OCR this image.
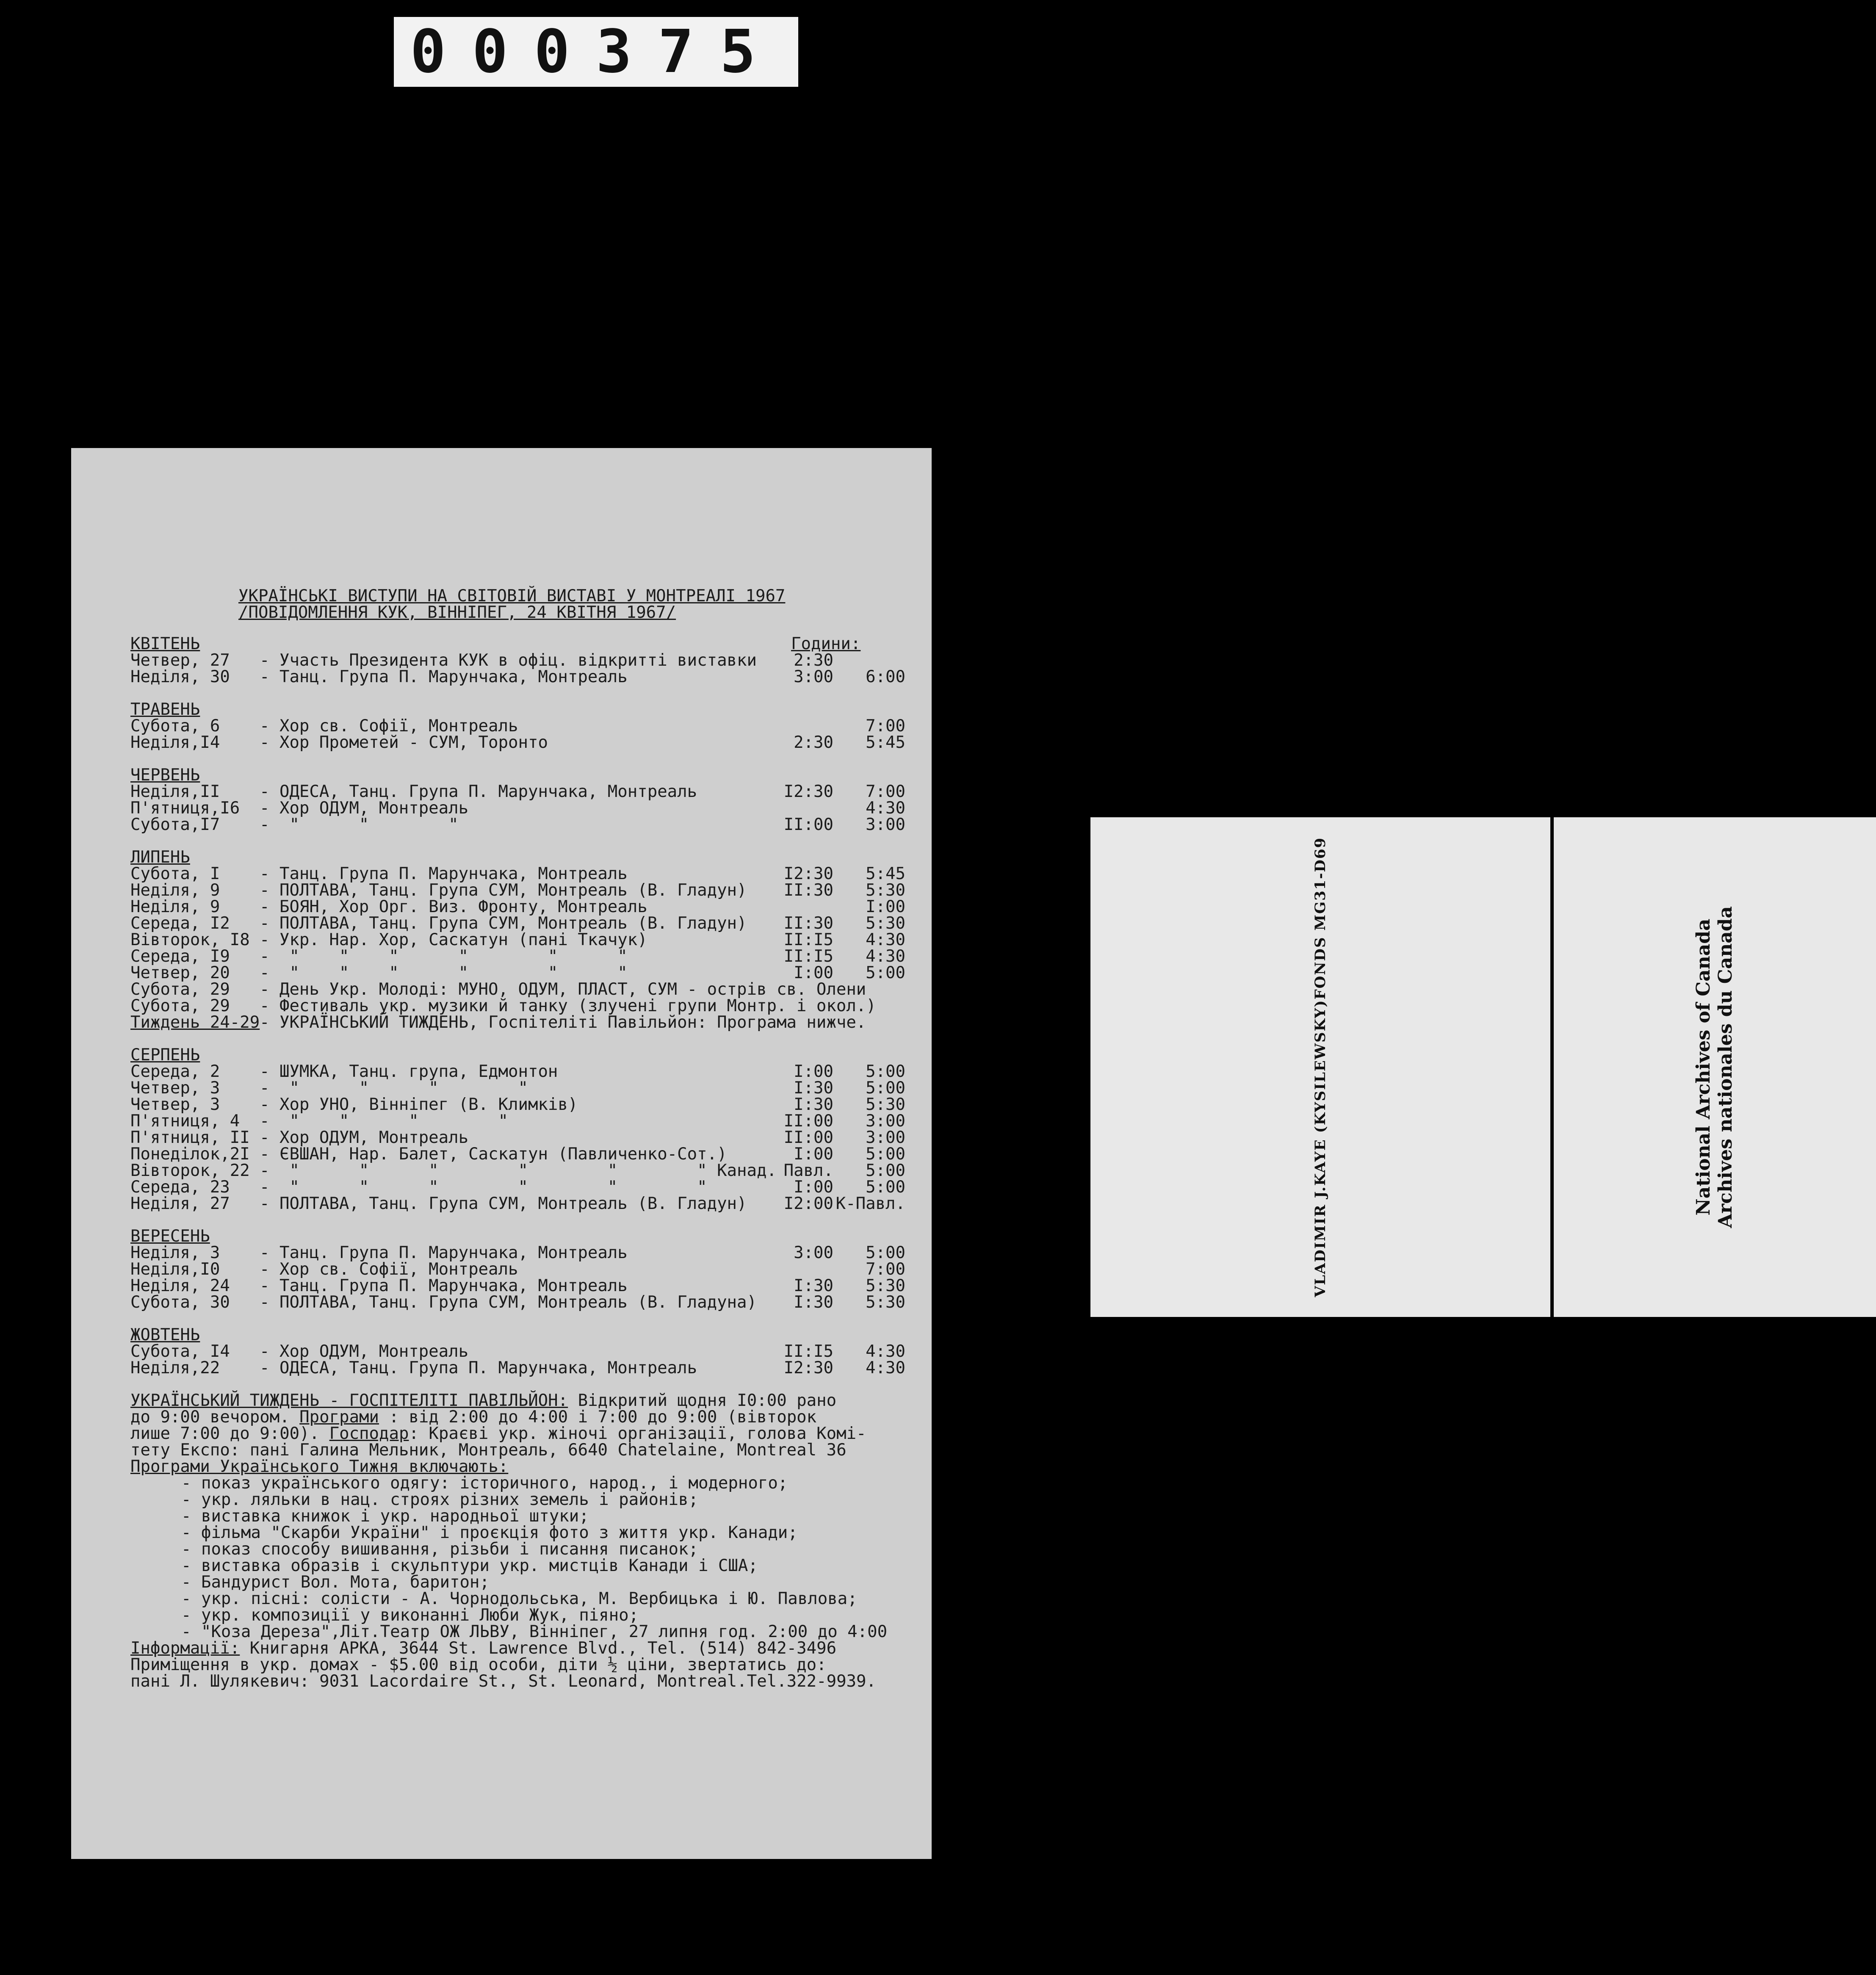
000375
УКРАЇНСЬКІ ВИСТУПИ НА СВІТОВІЙ ВИСТАВІ У МОНТРЕАЛІ 1967
/ПОВІДОМЛЕННЯ КУК, ВІННІПЕГ, 24 КВІТНЯ 1967/
КВІТЕНЬ	Години:
Четвер, 27	- Участь Президента КУК в офіц. відкритті виставки	2:30
Неділя, 30	- Танц. Група П. Марунчака, Монтреаль	3:00	6:00
ТРАВЕНЬ
Субота, 6	- Хор св. Софії, Монтреаль	7:00
Неділя,І4	- Хор Прометей - СУМ, Торонто	2:30	5:45
ЧЕРВЕНЬ
Неділя,ІІ	- ОДЕСА, Танц. Група П. Марунчака, Монтреаль	І2:30	7:00
П'ятниця,І6	- Хор ОДУМ, Монтреаль	4:30
Субота,І7	-  "      "        "	ІІ:00	3:00
ЛИПЕНЬ
Субота, І	- Танц. Група П. Марунчака, Монтреаль	І2:30	5:45
Неділя, 9	- ПОЛТАВА, Танц. Група СУМ, Монтреаль (В. Гладун)	ІІ:30	5:30
Неділя, 9	- БОЯН, Хор Орг. Виз. Фронту, Монтреаль	І:00
Середа, І2	- ПОЛТАВА, Танц. Група СУМ, Монтреаль (В. Гладун)	ІІ:30	5:30
Вівторок, І8 - Укр. Нар. Хор, Саскатун (пані Ткачук)	ІІ:І5	4:30
Середа, І9	-  "    "    "      "        "      "	ІІ:І5	4:30
Четвер, 20	-  "    "    "      "        "      "	І:00	5:00
Субота, 29	- День Укр. Молоді: МУНО, ОДУМ, ПЛАСТ, СУМ - острів св. Олени
Субота, 29	- Фестиваль укр. музики й танку (злучені групи Монтр. і окол.)
Тиждень 24-29 - УКРАЇНСЬКИЙ ТИЖДЕНЬ, Госпітеліті Павільйон: Програма нижче.
СЕРПЕНЬ
Середа, 2	- ШУМКА, Танц. група, Едмонтон	І:00	5:00
Четвер, 3	-  "      "      "        "	І:30	5:00
Четвер, 3	- Хор УНО, Вінніпег (В. Климків)	І:30	5:30
П'ятниця, 4	-  "    "      "        "	ІІ:00	3:00
П'ятниця, ІІ - Хор ОДУМ, Монтреаль	ІІ:00	3:00
Понеділок,2І - ЄВШАН, Нар. Балет, Саскатун (Павличенко-Сот.)	І:00	5:00
Вівторок, 22 -  "      "      "        "        "        " Канад. Павл.	5:00
Середа, 23	-  "      "      "        "        "        "	І:00	5:00
Неділя, 27	- ПОЛТАВА, Танц. Група СУМ, Монтреаль (В. Гладун)	І2:00 К-Павл.
ВЕРЕСЕНЬ
Неділя, 3	- Танц. Група П. Марунчака, Монтреаль	3:00	5:00
Неділя,І0	- Хор св. Софії, Монтреаль	7:00
Неділя, 24	- Танц. Група П. Марунчака, Монтреаль	І:30	5:30
Субота, 30	- ПОЛТАВА, Танц. Група СУМ, Монтреаль (В. Гладуна)	І:30	5:30
ЖОВТЕНЬ
Субота, І4	- Хор ОДУМ, Монтреаль	ІІ:І5	4:30
Неділя,22	- ОДЕСА, Танц. Група П. Марунчака, Монтреаль	І2:30	4:30
УКРАЇНСЬКИЙ ТИЖДЕНЬ - ГОСПІТЕЛІТІ ПАВІЛЬЙОН: Відкритий щодня І0:00 рано
до 9:00 вечором. Програми : від 2:00 до 4:00 і 7:00 до 9:00 (вівторок
лише 7:00 до 9:00). Господар: Краєві укр. жіночі організації, голова Комі-
тету Експо: пані Галина Мельник, Монтреаль, 6640 Chatelaine, Montreal 36
Програми Українського Тижня включають:
- показ українського одягу: історичного, народ., і модерного;
- укр. ляльки в нац. строях різних земель і районів;
- виставка книжок і укр. народньої штуки;
- фільма "Скарби України" і проєкція фото з життя укр. Канади;
- показ способу вишивання, різьби і писання писанок;
- виставка образів і скульптури укр. мистців Канади і США;
- Бандурист Вол. Мота, баритон;
- укр. пісні: солісти - А. Чорнодольська, М. Вербицька і Ю. Павлова;
- укр. композиції у виконанні Люби Жук, піяно;
- "Коза Дереза",Літ.Театр ОЖ ЛЬВУ, Вінніпег, 27 липня год. 2:00 до 4:00
Інформації: Книгарня АРКА, 3644 St. Lawrence Blvd., Tel. (514) 842-3496
Приміщення в укр. домах - $5.00 від особи, діти ½ ціни, звертатись до:
пані Л. Шулякевич: 9031 Lacordaire St., St. Leonard, Montreal.Tel.322-9939.
VLADIMIR J.KAYE (KYSILEWSKY)FONDS MG31-D69	National Archives of Canada Archives nationales du Canada
